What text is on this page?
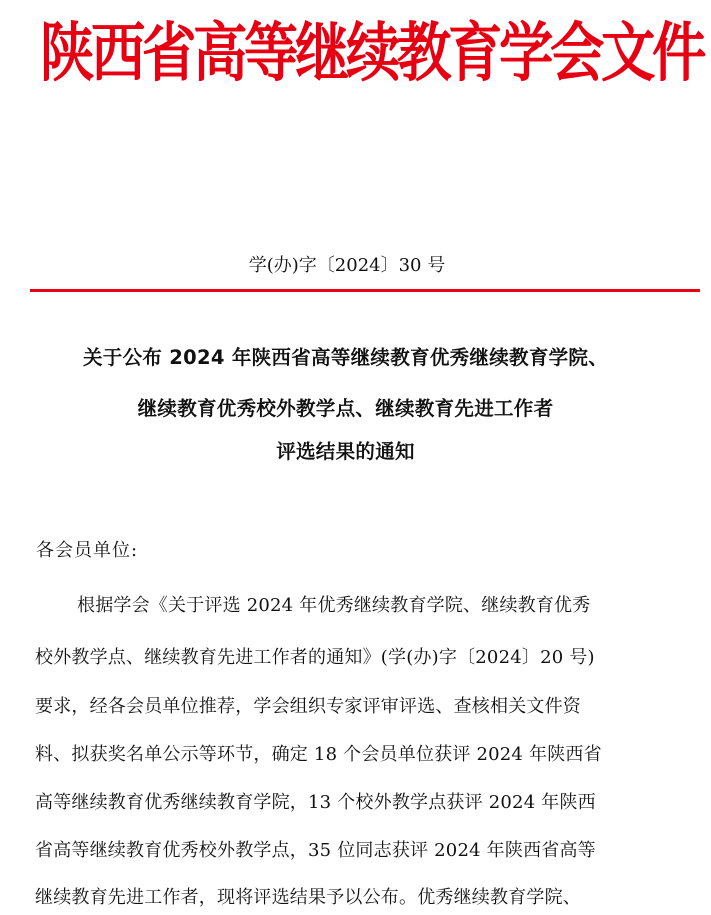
陕西省高等继续教育学会文件
学(办)字〔2024〕30 号
关于公布 2024 年陕西省高等继续教育优秀继续教育学院、
继续教育优秀校外教学点、继续教育先进工作者
评选结果的通知
各会员单位:
根据学会《关于评选 2024 年优秀继续教育学院、继续教育优秀
校外教学点、继续教育先进工作者的通知》(学(办)字〔2024〕20 号)
要求，经各会员单位推荐，学会组织专家评审评选、查核相关文件资
料、拟获奖名单公示等环节，确定 18 个会员单位获评 2024 年陕西省
高等继续教育优秀继续教育学院，13 个校外教学点获评 2024 年陕西
省高等继续教育优秀校外教学点，35 位同志获评 2024 年陕西省高等
继续教育先进工作者，现将评选结果予以公布。优秀继续教育学院、
